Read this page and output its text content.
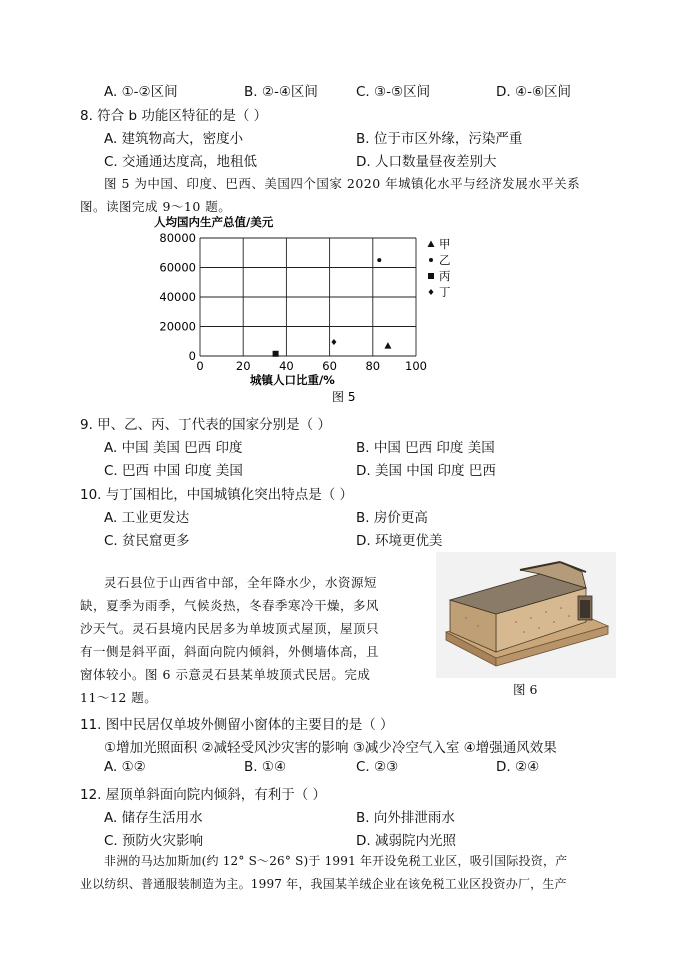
A. ①-②区间	B. ②-④区间	C. ③-⑤区间	D. ④-⑥区间
8. 符合 b 功能区特征的是（ ）
A. 建筑物高大，密度小	B. 位于市区外缘，污染严重
C. 交通通达度高，地租低	D. 人口数量昼夜差别大
图 5 为中国、印度、巴西、美国四个国家 2020 年城镇化水平与经济发展水平关系
图。读图完成 9～10 题。
人均国内生产总值/美元
0
20000
40000
60000
80000
0	20 40 60 80 100
甲
乙
丙
丁
城镇人口比重/%
图 5
9. 甲、乙、丙、丁代表的国家分别是（ ）
A. 中国 美国 巴西 印度	B. 中国 巴西 印度 美国
C. 巴西 中国 印度 美国	D. 美国 中国 印度 巴西
10. 与丁国相比，中国城镇化突出特点是（ ）
A. 工业更发达	B. 房价更高
C. 贫民窟更多	D. 环境更优美
灵石县位于山西省中部，全年降水少，水资源短
缺，夏季为雨季，气候炎热，冬春季寒冷干燥，多风
沙天气。灵石县境内民居多为单坡顶式屋顶，屋顶只
有一侧是斜平面，斜面向院内倾斜，外侧墙体高，且
窗体较小。图 6 示意灵石县某单坡顶式民居。完成
11～12 题。
图 6
11. 图中民居仅单坡外侧留小窗体的主要目的是（ ）
①增加光照面积 ②减轻受风沙灾害的影响 ③减少冷空气入室 ④增强通风效果
A. ①②	B. ①④	C. ②③	D. ②④
12. 屋顶单斜面向院内倾斜，有利于（ ）
A. 储存生活用水	B. 向外排泄雨水
C. 预防火灾影响	D. 减弱院内光照
非洲的马达加斯加(约 12° S～26° S)于 1991 年开设免税工业区，吸引国际投资，产
业以纺织、普通服装制造为主。1997 年，我国某羊绒企业在该免税工业区投资办厂，生产
